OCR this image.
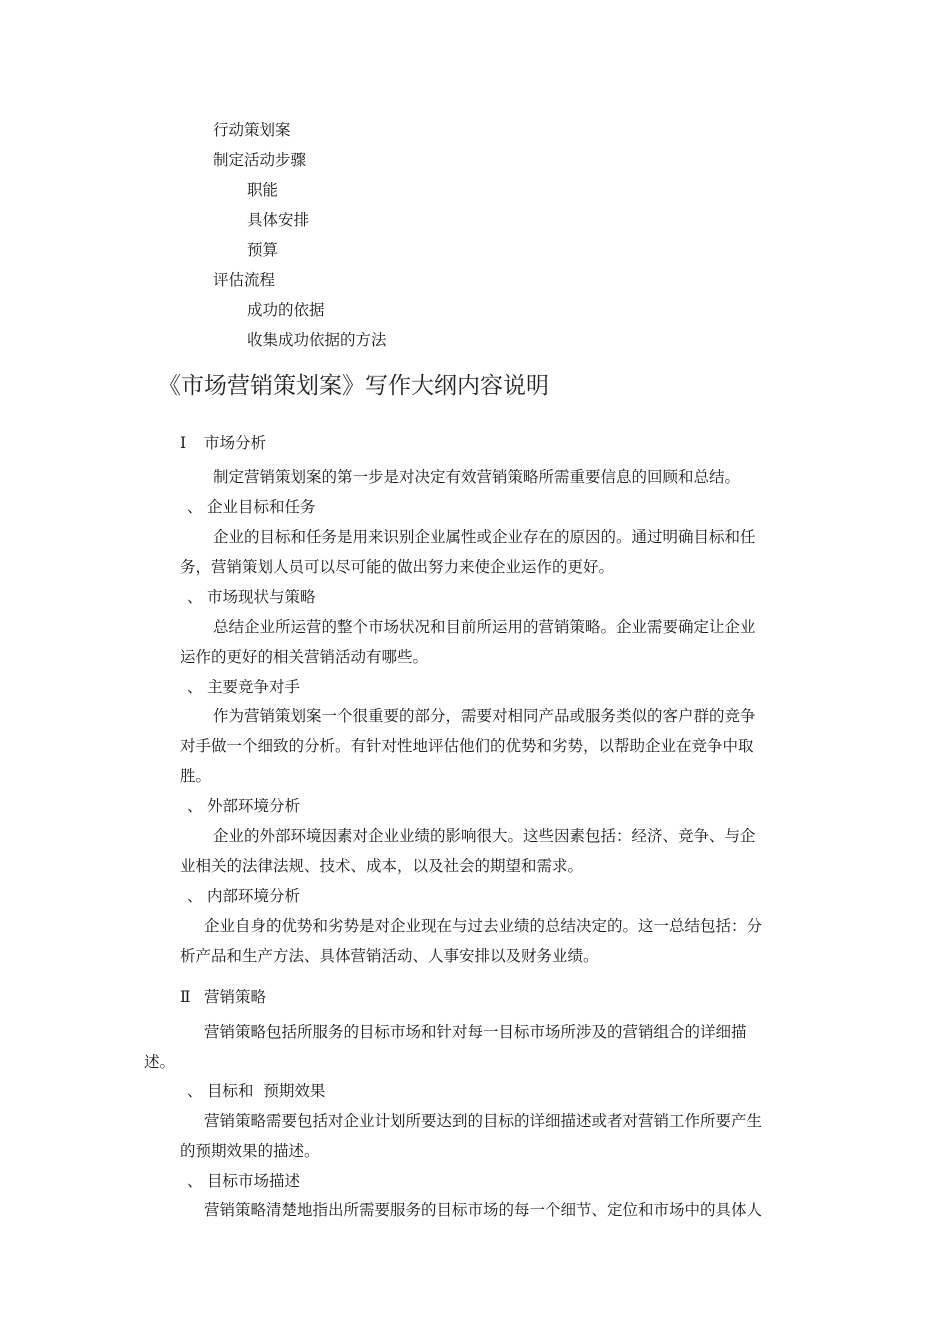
行动策划案
制定活动步骤
职能
具体安排
预算
评估流程
成功的依据
收集成功依据的方法
《市场营销策划案》写作大纲内容说明
Ⅰ 市场分析
制定营销策划案的第一步是对决定有效营销策略所需重要信息的回顾和总结。
、 企业目标和任务
企业的目标和任务是用来识别企业属性或企业存在的原因的。通过明确目标和任
务，营销策划人员可以尽可能的做出努力来使企业运作的更好。
、 市场现状与策略
总结企业所运营的整个市场状况和目前所运用的营销策略。企业需要确定让企业
运作的更好的相关营销活动有哪些。
、 主要竞争对手
作为营销策划案一个很重要的部分，需要对相同产品或服务类似的客户群的竞争
对手做一个细致的分析。有针对性地评估他们的优势和劣势，以帮助企业在竞争中取
胜。
、 外部环境分析
企业的外部环境因素对企业业绩的影响很大。这些因素包括：经济、竞争、与企
业相关的法律法规、技术、成本，以及社会的期望和需求。
、 内部环境分析
企业自身的优势和劣势是对企业现在与过去业绩的总结决定的。这一总结包括：分
析产品和生产方法、具体营销活动、人事安排以及财务业绩。
Ⅱ 营销策略
营销策略包括所服务的目标市场和针对每一目标市场所涉及的营销组合的详细描
述。
、 目标和  预期效果
营销策略需要包括对企业计划所要达到的目标的详细描述或者对营销工作所要产生
的预期效果的描述。
、 目标市场描述
营销策略清楚地指出所需要服务的目标市场的每一个细节、定位和市场中的具体人
